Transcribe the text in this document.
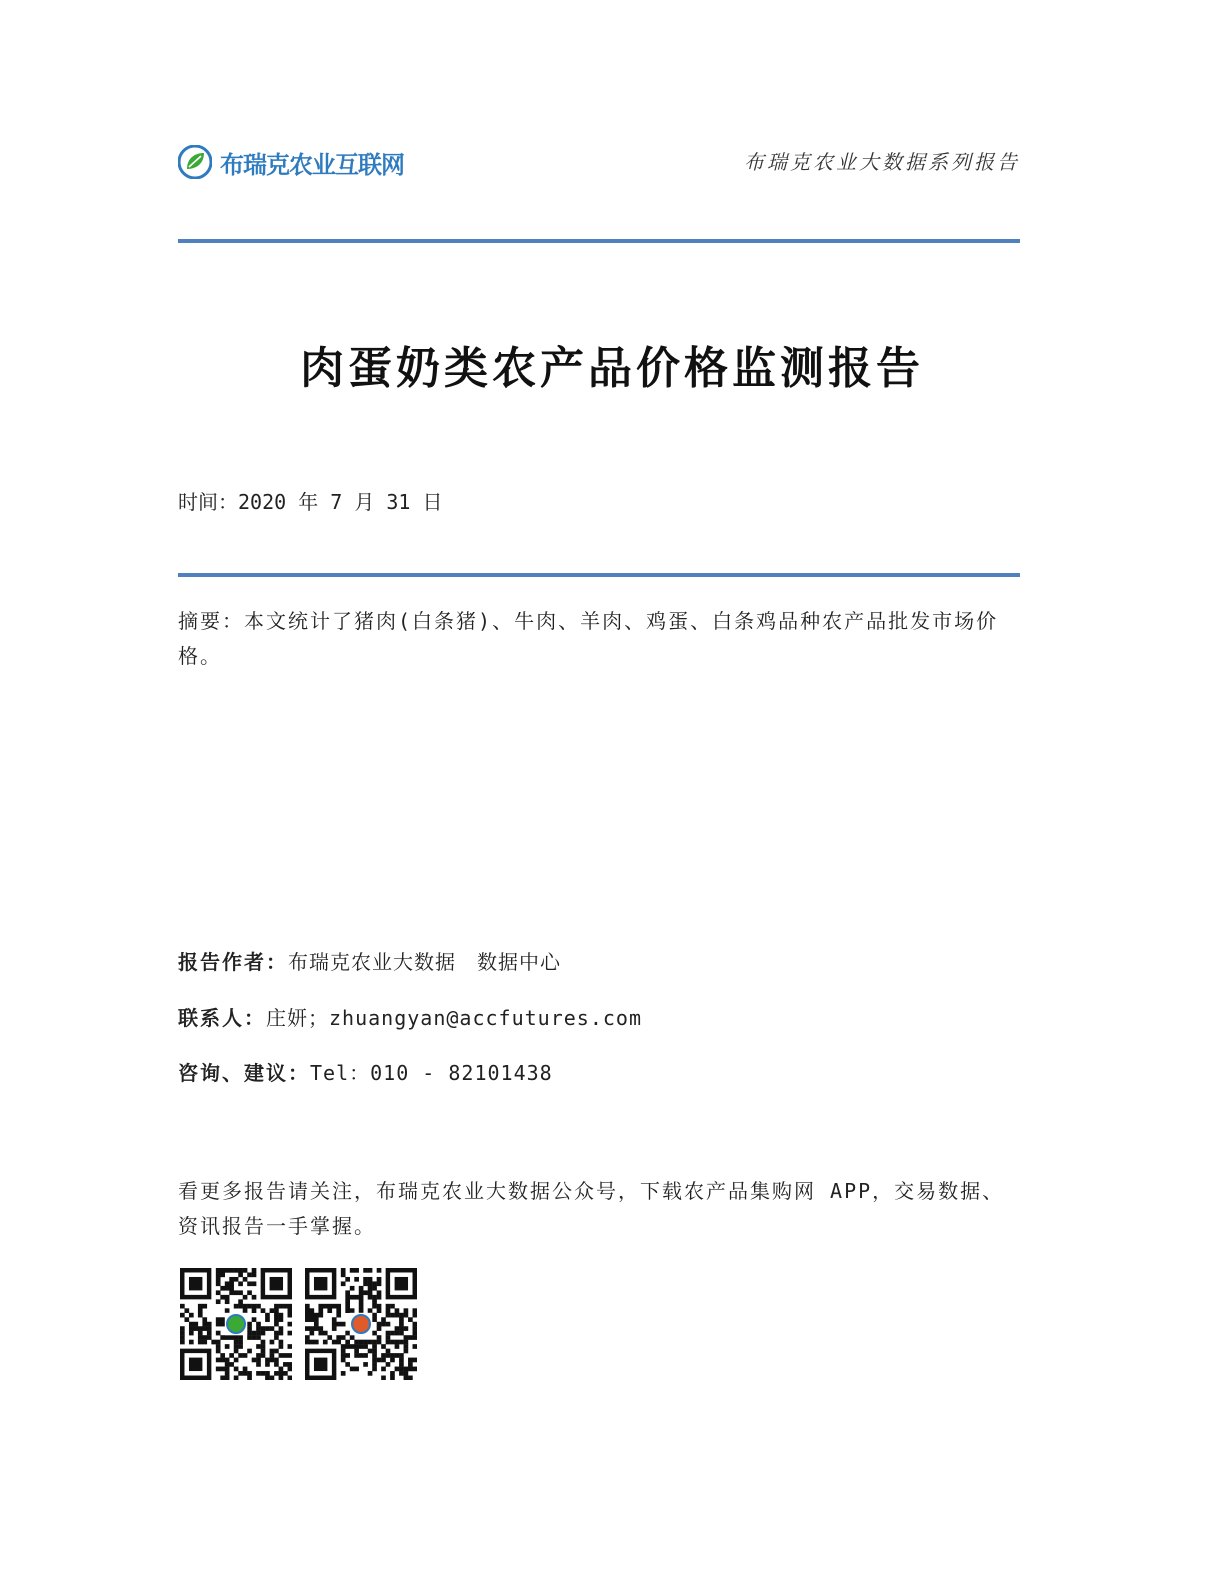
布瑞克农业互联网	布瑞克农业大数据系列报告
肉蛋奶类农产品价格监测报告
时间：2020 年 7 月 31 日
摘要：本文统计了猪肉(白条猪)、牛肉、羊肉、鸡蛋、白条鸡品种农产品批发市场价格。
报告作者：布瑞克农业大数据　数据中心
联系人：庄妍；zhuangyan@accfutures.com
咨询、建议：Tel：010 - 82101438
看更多报告请关注，布瑞克农业大数据公众号，下载农产品集购网 APP，交易数据、资讯报告一手掌握。
